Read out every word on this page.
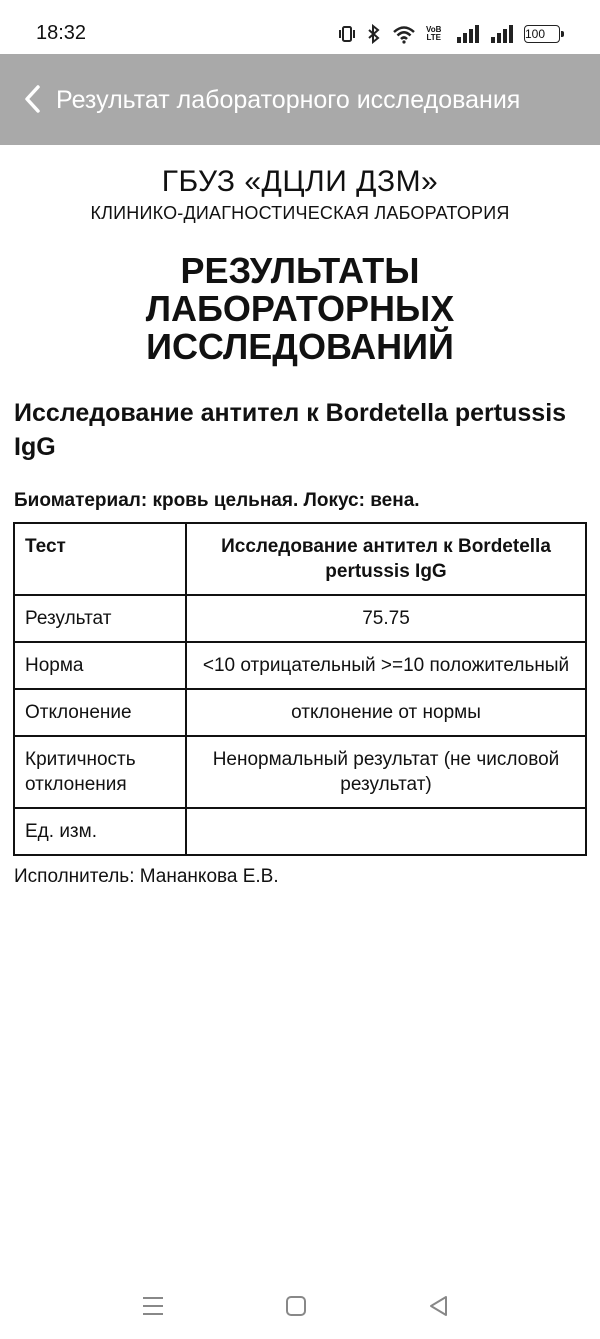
18:32	VoB
LTE	100
Результат лабораторного исследования
ГБУЗ «ДЦЛИ ДЗМ»
КЛИНИКО-ДИАГНОСТИЧЕСКАЯ ЛАБОРАТОРИЯ
РЕЗУЛЬТАТЫ ЛАБОРАТОРНЫХ ИССЛЕДОВАНИЙ
Исследование антител к Bordetella pertussis IgG
Биоматериал: кровь цельная. Локус: вена.
Тест	Исследование антител к Bordetella pertussis IgG
Результат	75.75
Норма	<10 отрицательный >=10 положительный
Отклонение	отклонение от нормы
Критичность отклонения	Ненормальный результат (не числовой результат)
Ед. изм.	
Исполнитель: Мананкова Е.В.
